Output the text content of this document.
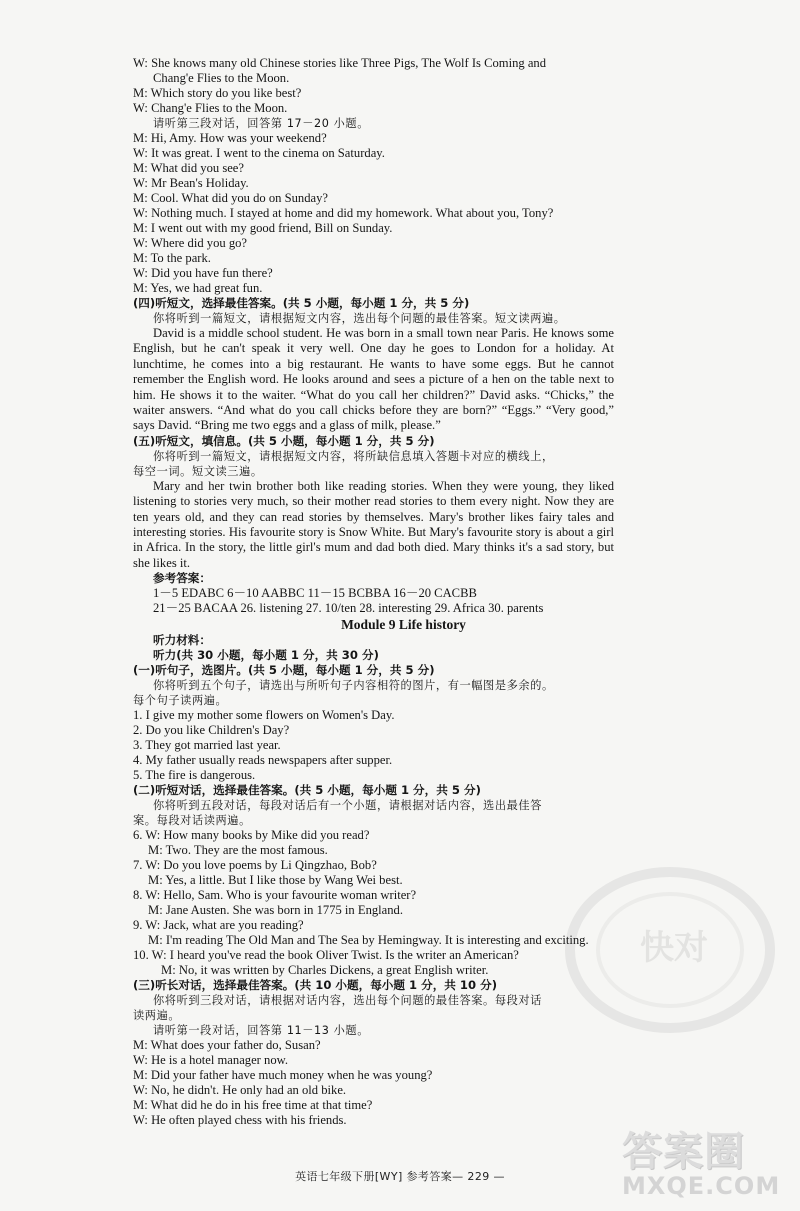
W: She knows many old Chinese stories like Three Pigs, The Wolf Is Coming and
Chang'e Flies to the Moon.
M: Which story do you like best?
W: Chang'e Flies to the Moon.
请听第三段对话，回答第 17－20 小题。
M: Hi, Amy. How was your weekend?
W: It was great. I went to the cinema on Saturday.
M: What did you see?
W: Mr Bean's Holiday.
M: Cool. What did you do on Sunday?
W: Nothing much. I stayed at home and did my homework. What about you, Tony?
M: I went out with my good friend, Bill on Sunday.
W: Where did you go?
M: To the park.
W: Did you have fun there?
M: Yes, we had great fun.
(四)听短文，选择最佳答案。(共 5 小题，每小题 1 分，共 5 分)
你将听到一篇短文，请根据短文内容，选出每个问题的最佳答案。短文读两遍。

David is a middle school student. He was born in a small town near Paris. He knows some English, but he can't speak it very well. One day he goes to London for a holiday. At lunchtime, he comes into a big restaurant. He wants to have some eggs. But he cannot remember the English word. He looks around and sees a picture of a hen on the table next to him. He shows it to the waiter. “What do you call her children?” David asks. “Chicks,” the waiter answers. “And what do you call chicks before they are born?” “Eggs.” “Very good,” says David. “Bring me two eggs and a glass of milk, please.”

(五)听短文，填信息。(共 5 小题，每小题 1 分，共 5 分)
你将听到一篇短文，请根据短文内容，将所缺信息填入答题卡对应的横线上，
每空一词。短文读三遍。

Mary and her twin brother both like reading stories. When they were young, they liked listening to stories very much, so their mother read stories to them every night. Now they are ten years old, and they can read stories by themselves. Mary's brother likes fairy tales and interesting stories. His favourite story is Snow White. But Mary's favourite story is about a girl in Africa. In the story, the little girl's mum and dad both died. Mary thinks it's a sad story, but she likes it.

参考答案：
1－5 EDABC 6－10 AABBC 11－15 BCBBA 16－20 CACBB
21－25 BACAA 26. listening 27. 10/ten 28. interesting 29. Africa 30. parents
Module 9 Life history
听力材料：
听力(共 30 小题，每小题 1 分，共 30 分)
(一)听句子，选图片。(共 5 小题，每小题 1 分，共 5 分)
你将听到五个句子，请选出与所听句子内容相符的图片，有一幅图是多余的。
每个句子读两遍。
1. I give my mother some flowers on Women's Day.
2. Do you like Children's Day?
3. They got married last year.
4. My father usually reads newspapers after supper.
5. The fire is dangerous.
(二)听短对话，选择最佳答案。(共 5 小题，每小题 1 分，共 5 分)
你将听到五段对话，每段对话后有一个小题，请根据对话内容，选出最佳答
案。每段对话读两遍。
6. W: How many books by Mike did you read?
M: Two. They are the most famous.
7. W: Do you love poems by Li Qingzhao, Bob?
M: Yes, a little. But I like those by Wang Wei best.
8. W: Hello, Sam. Who is your favourite woman writer?
M: Jane Austen. She was born in 1775 in England.
9. W: Jack, what are you reading?
M: I'm reading The Old Man and The Sea by Hemingway. It is interesting and exciting.
10. W: I heard you've read the book Oliver Twist. Is the writer an American?
M: No, it was written by Charles Dickens, a great English writer.
(三)听长对话，选择最佳答案。(共 10 小题，每小题 1 分，共 10 分)
你将听到三段对话，请根据对话内容，选出每个问题的最佳答案。每段对话
读两遍。
请听第一段对话，回答第 11－13 小题。
M: What does your father do, Susan?
W: He is a hotel manager now.
M: Did your father have much money when he was young?
W: No, he didn't. He only had an old bike.
M: What did he do in his free time at that time?
W: He often played chess with his friends.
英语七年级下册[WY] 参考答案— 229 —
快对
答案圈
MXQE.COM
